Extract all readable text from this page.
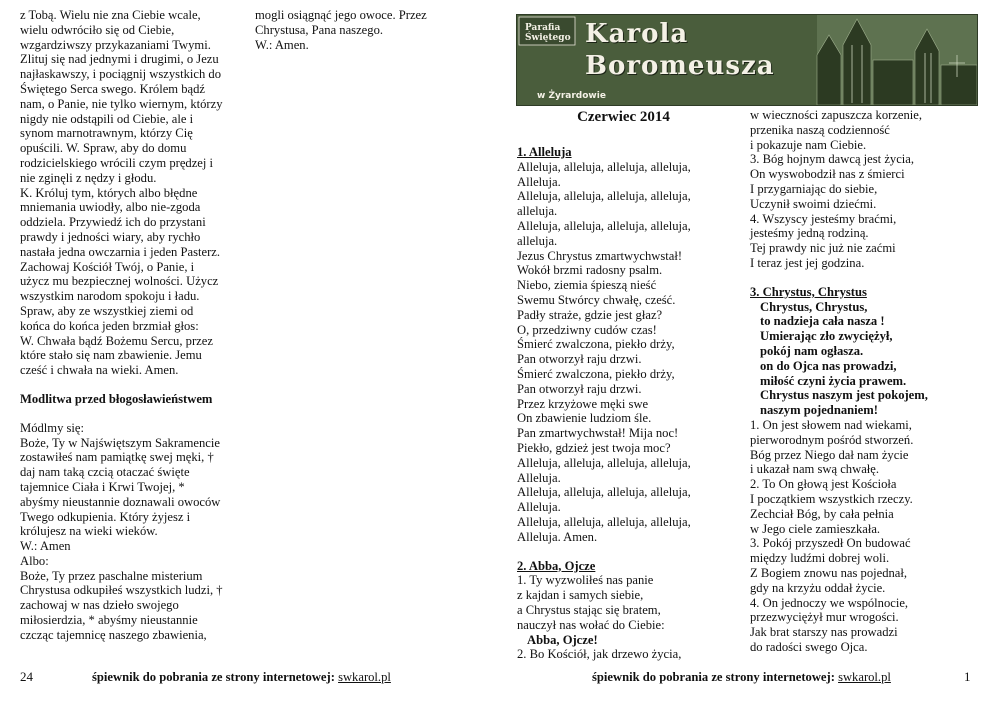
z Tobą. Wielu nie zna Ciebie wcale,
wielu odwróciło się od Ciebie,
wzgardziwszy przykazaniami Twymi.
Zlituj się nad jednymi i drugimi, o Jezu
najłaskawszy, i pociągnij wszystkich do
Świętego Serca swego. Królem bądź
nam, o Panie, nie tylko wiernym, którzy
nigdy nie odstąpili od Ciebie, ale i
synom marnotrawnym, którzy Cię
opuścili. W. Spraw, aby do domu
rodzicielskiego wrócili czym prędzej i
nie zginęli z nędzy i głodu.
K. Króluj tym, których albo błędne
mniemania uwiodły, albo nie-zgoda
oddziela. Przywiedź ich do przystani
prawdy i jedności wiary, aby rychło
nastała jedna owczarnia i jeden Pasterz.
Zachowaj Kościół Twój, o Panie, i
użycz mu bezpiecznej wolności. Użycz
wszystkim narodom spokoju i ładu.
Spraw, aby ze wszystkiej ziemi od
końca do końca jeden brzmiał głos:
W. Chwała bądź Bożemu Sercu, przez
które stało się nam zbawienie. Jemu
cześć i chwała na wieki. Amen.

Modlitwa przed błogosławieństwem

Módlmy się:
Boże, Ty w Najświętszym Sakramencie
zostawiłeś nam pamiątkę swej męki, †
daj nam taką czcią otaczać święte
tajemnice Ciała i Krwi Twojej, *
abyśmy nieustannie doznawali owoców
Twego odkupienia. Który żyjesz i
królujesz na wieki wieków.
W.: Amen
Albo:
Boże, Ty przez paschalne misterium
Chrystusa odkupiłeś wszystkich ludzi, †
zachowaj w nas dzieło swojego
miłosierdzia, * abyśmy nieustannie
czcząc tajemnicę naszego zbawienia,

mogli osiągnąć jego owoce. Przez
Chrystusa, Pana naszego.
W.: Amen.

24	śpiewnik do pobrania ze strony internetowej: swkarol.pl
Parafia
Świętego Karola
Boromeusza
w Żyrardowie
Czerwiec 2014

1. Alleluja

Alleluja, alleluja, alleluja, alleluja,
Alleluja.
Alleluja, alleluja, alleluja, alleluja,
alleluja.
Alleluja, alleluja, alleluja, alleluja,
alleluja.
Jezus Chrystus zmartwychwstał!
Wokół brzmi radosny psalm.
Niebo, ziemia śpieszą nieść
Swemu Stwórcy chwałę, cześć.
Padły straże, gdzie jest głaz?
O, przedziwny cudów czas!
Śmierć zwalczona, piekło drży,
Pan otworzył raju drzwi.
Śmierć zwalczona, piekło drży,
Pan otworzył raju drzwi.
Przez krzyżowe męki swe
On zbawienie ludziom śle.
Pan zmartwychwstał! Mija noc!
Piekło, gdzież jest twoja moc?
Alleluja, alleluja, alleluja, alleluja,
Alleluja.
Alleluja, alleluja, alleluja, alleluja,
Alleluja.
Alleluja, alleluja, alleluja, alleluja,
Alleluja. Amen.

2. Abba, Ojcze

1. Ty wyzwoliłeś nas panie
z kajdan i samych siebie,
a Chrystus stając się bratem,
nauczył nas wołać do Ciebie:

Abba, Ojcze!

2. Bo Kościół, jak drzewo życia,

w wieczności zapuszcza korzenie,
przenika naszą codzienność
i pokazuje nam Ciebie.
3. Bóg hojnym dawcą jest życia,
On wyswobodził nas z śmierci
I przygarniając do siebie,
Uczynił swoimi dziećmi.
4. Wszyscy jesteśmy braćmi,
jesteśmy jedną rodziną.
Tej prawdy nic już nie zaćmi
I teraz jest jej godzina.

3. Chrystus, Chrystus

Chrystus, Chrystus,
to nadzieja cała nasza !
Umierając zło zwyciężył,
pokój nam ogłasza.
on do Ojca nas prowadzi,
miłość czyni życia prawem.
Chrystus naszym jest pokojem,
naszym pojednaniem!

1. On jest słowem nad wiekami,
pierworodnym pośród stworzeń.
Bóg przez Niego dał nam życie
i ukazał nam swą chwałę.
2. To On głową jest Kościoła
I początkiem wszystkich rzeczy.
Zechciał Bóg, by cała pełnia
w Jego ciele zamieszkała.
3. Pokój przyszedł On budować
między ludźmi dobrej woli.
Z Bogiem znowu nas pojednał,
gdy na krzyżu oddał życie.
4. On jednoczy we wspólnocie,
przezwyciężył mur wrogości.
Jak brat starszy nas prowadzi
do radości swego Ojca.

śpiewnik do pobrania ze strony internetowej: swkarol.pl	1
